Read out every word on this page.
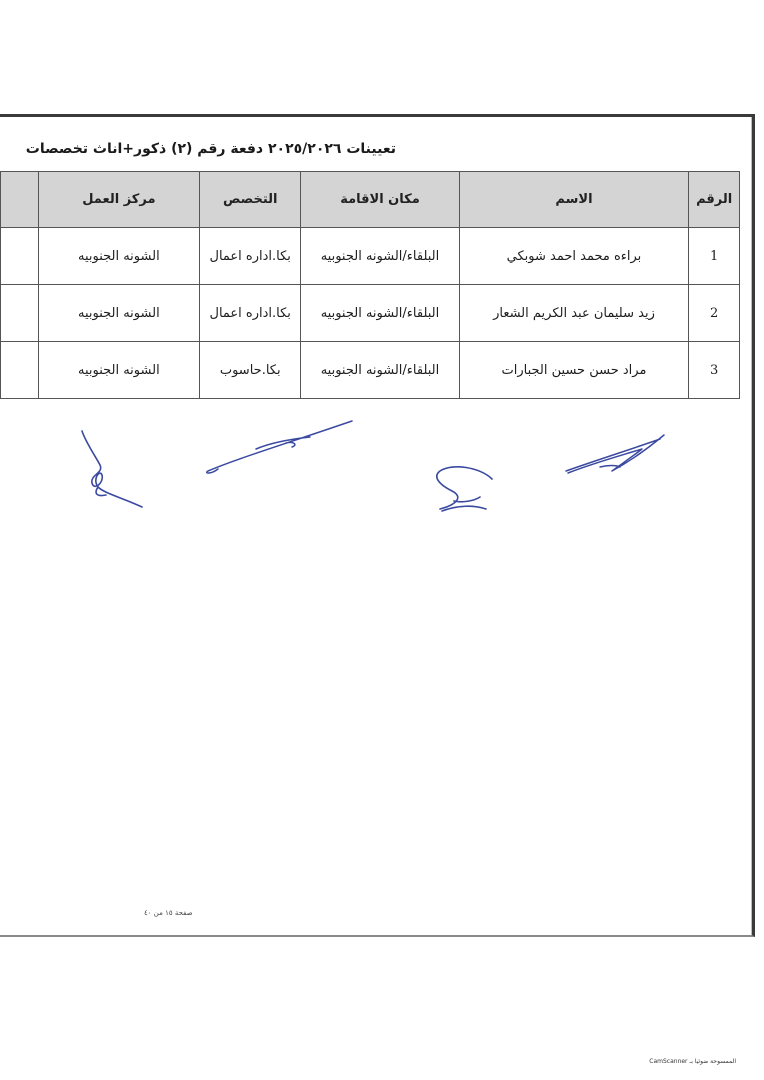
تعيينات ٢٠٢٥/٢٠٢٦ دفعة رقم (٢) ذكور+اناث تخصصات
الرقم	الاسم	مكان الاقامة	التخصص	مركز العمل	
1	براءه محمد احمد شوبكي	البلقاء/الشونه الجنوبيه	بكا.اداره اعمال	الشونه الجنوبيه	
2	زيد سليمان عبد الكريم الشعار	البلقاء/الشونه الجنوبيه	بكا.اداره اعمال	الشونه الجنوبيه	
3	مراد حسن حسين الجبارات	البلقاء/الشونه الجنوبيه	بكا.حاسوب	الشونه الجنوبيه	
صفحة ١٥ من ٤٠
الممسوحة ضوئيا بـ CamScanner
